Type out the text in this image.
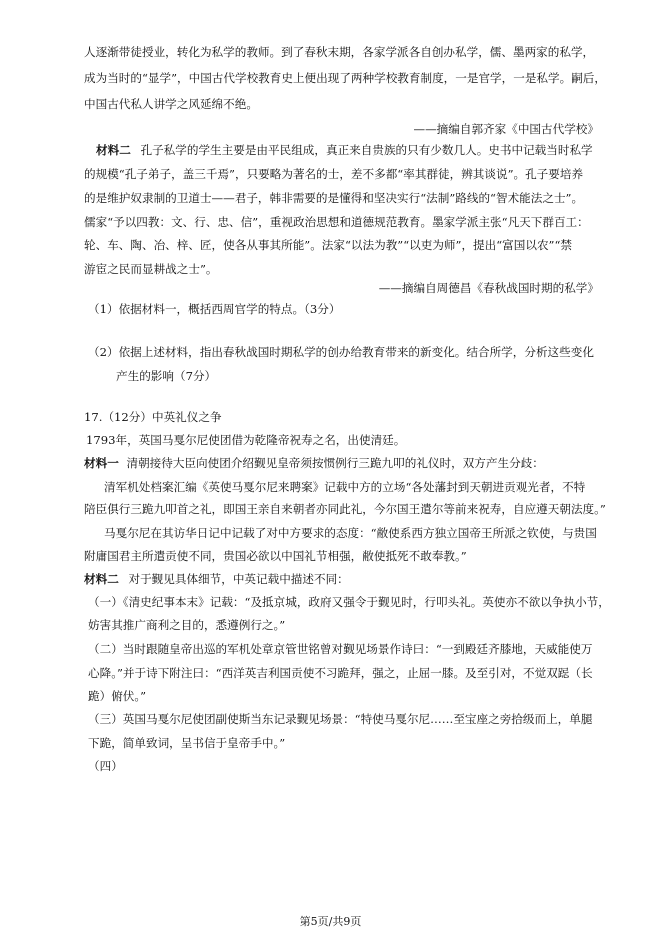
人逐渐带徒授业，转化为私学的教师。到了春秋末期，各家学派各自创办私学，儒、墨两家的私学，
成为当时的“显学”，中国古代学校教育史上便出现了两种学校教育制度，一是官学，一是私学。嗣后，
中国古代私人讲学之风延绵不绝。
——摘编自郭齐家《中国古代学校》
材料二 孔子私学的学生主要是由平民组成，真正来自贵族的只有少数几人。史书中记载当时私学
的规模“孔子弟子，盖三千焉”，只要略为著名的士，差不多都“率其群徒，辨其谈说”。孔子要培养
的是维护奴隶制的卫道士——君子，韩非需要的是懂得和坚决实行“法制”路线的“智术能法之士”。
儒家“予以四教：文、行、忠、信”，重视政治思想和道德规范教育。墨家学派主张“凡天下群百工：
轮、车、陶、冶、梓、匠，使各从事其所能”。法家“以法为教”“以吏为师”，提出“富国以农”“禁
游宦之民而显耕战之士”。
——摘编自周德昌《春秋战国时期的私学》
（1）依据材料一，概括西周官学的特点。（3分）
（2）依据上述材料，指出春秋战国时期私学的创办给教育带来的新变化。结合所学，分析这些变化
产生的影响（7分）
17.（12分）中英礼仪之争
1793年，英国马戛尔尼使团借为乾隆帝祝寿之名，出使清廷。
材料一 清朝接待大臣向使团介绍觐见皇帝须按惯例行三跪九叩的礼仪时，双方产生分歧：
清军机处档案汇编《英使马戛尔尼来聘案》记载中方的立场“各处藩封到天朝进贡观光者，不特
陪臣俱行三跪九叩首之礼，即国王亲自来朝者亦同此礼，今尔国王遣尔等前来祝寿，自应遵天朝法度。”
马戛尔尼在其访华日记中记载了对中方要求的态度：“敝使系西方独立国帝王所派之钦使，与贵国
附庸国君主所遣贡使不同，贵国必欲以中国礼节相强，敝使抵死不敢奉教。”
材料二 对于觐见具体细节，中英记载中描述不同：
（一）《清史纪事本末》记载：“及抵京城，政府又强令于觐见时，行叩头礼。英使亦不欲以争执小节，
妨害其推广商利之目的，悉遵例行之。”
（二）当时跟随皇帝出巡的军机处章京管世铭曾对觐见场景作诗曰：“一到殿廷齐膝地，天威能使万
心降。”并于诗下附注曰：“西洋英吉利国贡使不习跪拜，强之，止屈一膝。及至引对，不觉双跽（长
跪）俯伏。”
（三）英国马戛尔尼使团副使斯当东记录觐见场景：“特使马戛尔尼……至宝座之旁拾级而上，单腿
下跪，简单致词，呈书信于皇帝手中。”
（四）
第5页/共9页
